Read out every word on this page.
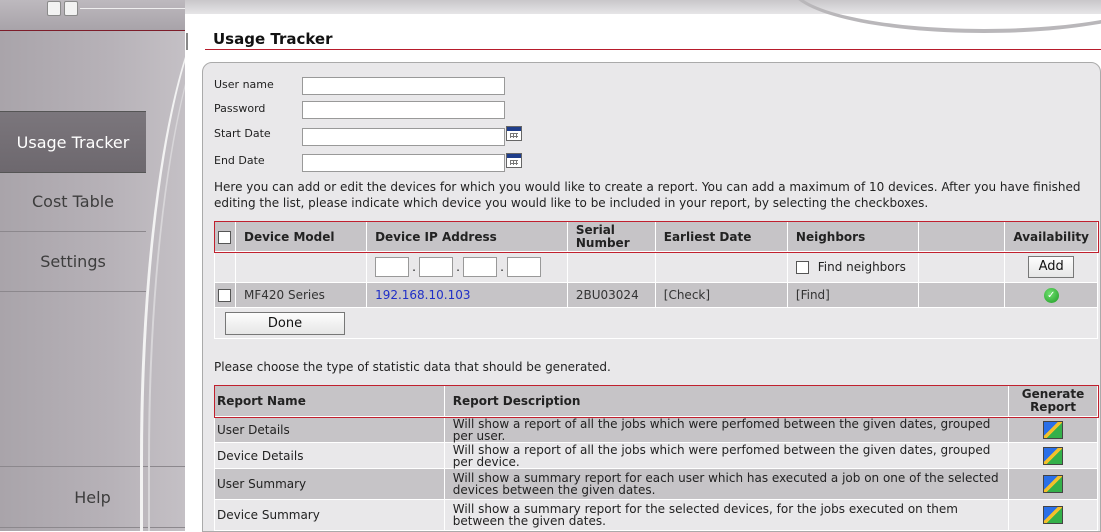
Usage Tracker
Cost Table
Settings
Help
Usage Tracker
User name
Password
Start Date
End Date
Here you can add or edit the devices for which you would like to create a report. You can add a maximum of 10 devices. After you have finished editing the list, please indicate which device you would like to be included in your report, by selecting the checkboxes.
	Device Model	Device IP Address	Serial Number	Earliest Date	Neighbors		Availability
		. . .			Find neighbors		Add
	MF420 Series	192.168.10.103	2BU03024	[Check]	[Find]		✓
Done							
Please choose the type of statistic data that should be generated.
Report Name	Report Description	Generate Report
User Details	Will show a report of all the jobs which were perfomed between the given dates, grouped per user.	
Device Details	Will show a report of all the jobs which were perfomed between the given dates, grouped per device.	
User Summary	Will show a summary report for each user which has executed a job on one of the selected devices between the given dates.	
Device Summary	Will show a summary report for the selected devices, for the jobs executed on them between the given dates.	
